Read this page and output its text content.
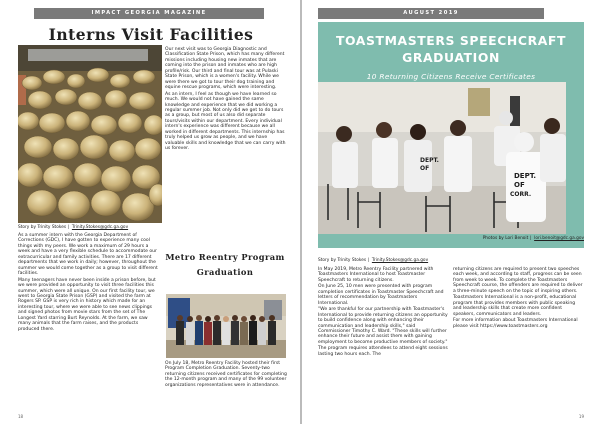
IMPACT GEORGIA MAGAZINE
Interns Visit Facilities
Story by Trinity Stokes | Trinity.Stokes@gdc.ga.gov

As a summer intern with the Georgia Department of Corrections (GDC), I have gotten to experience many cool things with my peers. We work a maximum of 29 hours a week and have a very flexible schedule to accommodate our extracurricular and family activities. There are 17 different departments that we work in daily; however, throughout the summer we would come together as a group to visit different facilities.

Many teenagers have never been inside a prison before, but we were provided an opportunity to visit three facilities this summer, which were all unique. On our first facility tour, we went to Georgia State Prison (GSP) and visited the farm at Rogers SP. GSP is very rich in history which made for an interesting tour, where we were able to see news clippings and signed photos from movie stars from the set of The Longest Yard starring Burt Reynolds. At the farm, we saw many animals that the farm raises, and the products produced there.

Our next visit was to Georgia Diagnostic and Classification State Prison, which has many different missions including housing new inmates that are coming into the prison and inmates who are high profile/risk. Our third and final tour was at Pulaski State Prison, which is a women's facility. While we were there we got to tour their dog training and equine rescue programs, which were interesting.

As an intern, I feel as though we have learned so much. We would not have gained the same knowledge and experience that we did working a regular summer job. Not only did we get to do tours as a group, but most of us also did separate tours/visits within our department. Every individual intern's experience was different because we all worked in different departments. This internship has truly helped us grow as people, and we have valuable skills and knowledge that we can carry with us forever.

Metro Reentry Program Graduation

On July 18, Metro Reentry Facility hosted their first Program Completion Graduation. Seventy-two returning citizens received certificates for completing the 12-month program and many of the 99 volunteer organizations representatives were in attendance.

18
AUGUST 2019
TOASTMASTERS SPEECHCRAFT GRADUATION
10 Returning Citizens Receive Certificates
DEPT.
OF
DEPT.
OF
CORR.
Photos by Lori Benoit | lori.benoit@gdc.ga.gov
Story by Trinity Stokes | Trinity.Stokes@gdc.ga.gov

In May 2019, Metro Reentry Facility partnered with Toastmasters International to host Toastmaster Speechcraft to returning citizens.

On June 25, 10 men were presented with program completion certificates in Toastmaster Speechcraft and letters of recommendation by Toastmasters International.

"We are thankful for our partnership with Toastmaster's International to provide returning citizens an opportunity to build confidence along with enhancing their communication and leadership skills," said Commissioner Timothy C. Ward. "These skills will further enhance their future and assist them with gaining employment to become productive members of society."

The program requires attendees to attend eight sessions lasting two hours each. The

returning citizens are required to present two speeches each week, and according to staff, progress can be seen from week to week. To complete the Toastmasters Speechcraft course, the offenders are required to deliver a three-minute speech on the topic of inspiring others.

Toastmasters International is a non-profit, educational program that provides members with public speaking and leadership skills that create more confident speakers, communicators and leaders.

For more information about Toastmasters International please visit https://www.toastmasters.org

19
